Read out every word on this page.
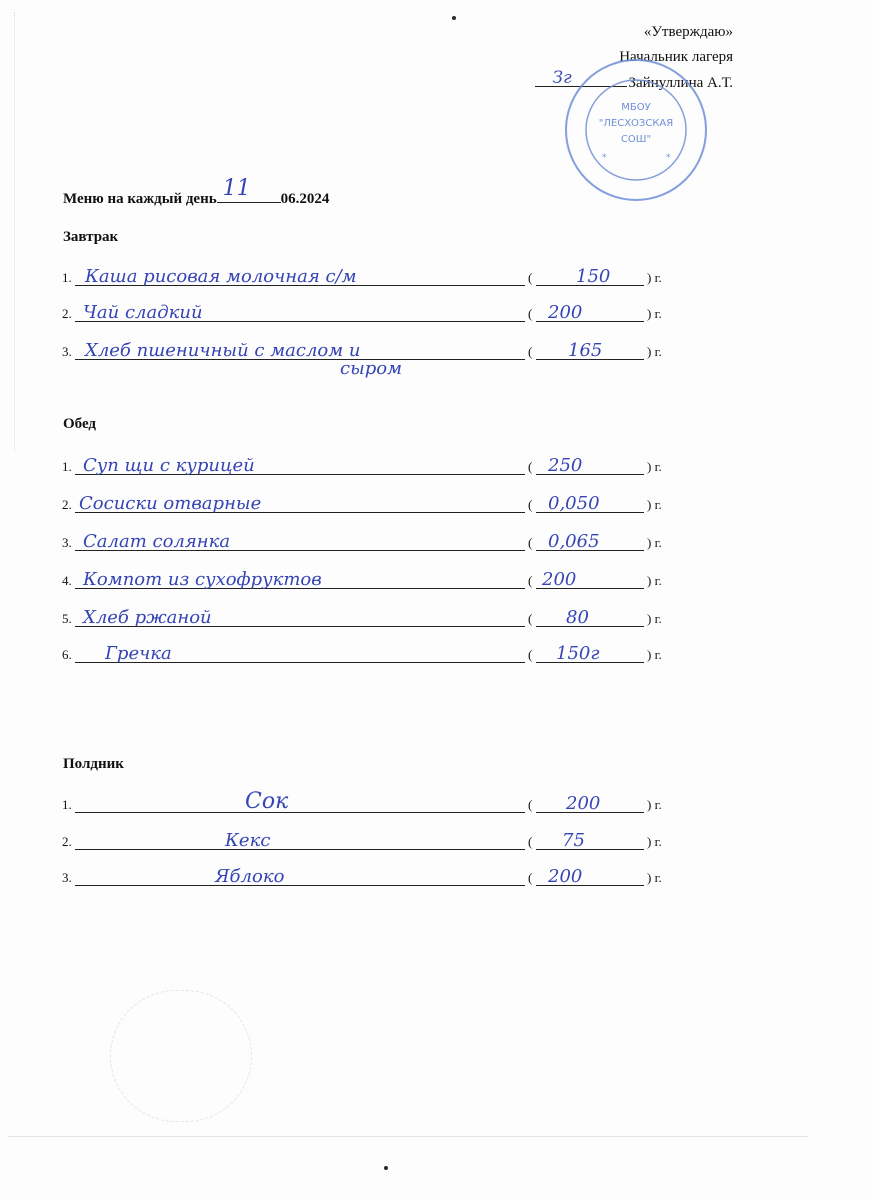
«Утверждаю»
Начальник лагеря
Зайнуллина А.Т.
Зг
МБОУ
"ЛЕСХОЗСКАЯ
СОШ"
*	*
Меню на каждый день 11 06.2024
Завтрак
1. Каша рисовая молочная с/м	( 150	) г.
2. Чай сладкий	( 200	) г.
3. Хлеб пшеничный с маслом и	( 165	) г.
сыром
Обед
1. Суп щи с курицей	( 250	) г.
2. Сосиски отварные	( 0,050	) г.
3. Салат солянка	( 0,065	) г.
4. Компот из сухофруктов	( 200	) г.
5. Хлеб ржаной	( 80	) г.
6. Гречка	( 150г	) г.
Полдник
1.	Сок	( 200	) г.
2.	Кекс	( 75	) г.
3.	Яблоко	( 200	) г.
